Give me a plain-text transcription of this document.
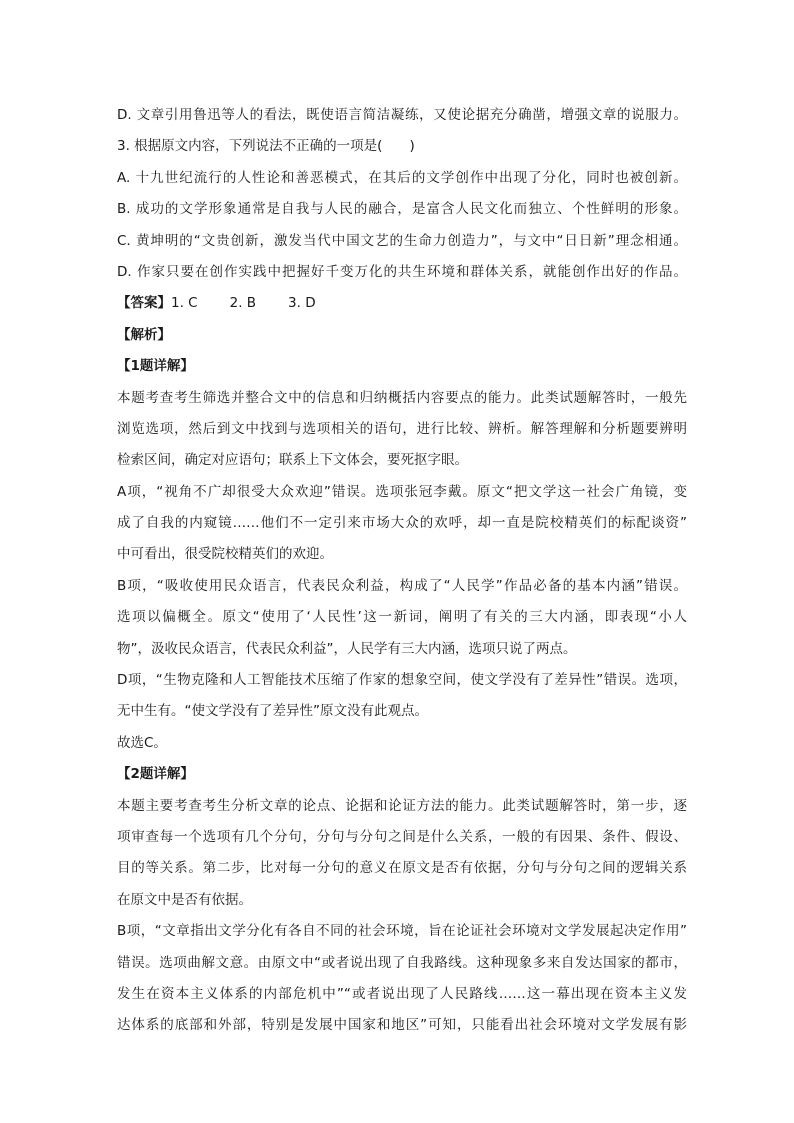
D. 文章引用鲁迅等人的看法，既使语言简洁凝练，又使论据充分确凿，增强文章的说服力。
3. 根据原文内容，下列说法不正确的一项是(　　)
A. 十九世纪流行的人性论和善恶模式，在其后的文学创作中出现了分化，同时也被创新。
B. 成功的文学形象通常是自我与人民的融合，是富含人民文化而独立、个性鲜明的形象。
C. 黄坤明的“文贵创新，激发当代中国文艺的生命力创造力”，与文中“日日新”理念相通。
D. 作家只要在创作实践中把握好千变万化的共生环境和群体关系，就能创作出好的作品。
【答案】1. C 2. B 3. D
【解析】
【1题详解】
本题考查考生筛选并整合文中的信息和归纳概括内容要点的能力。此类试题解答时，一般先
浏览选项，然后到文中找到与选项相关的语句，进行比较、辨析。解答理解和分析题要辨明
检索区间，确定对应语句；联系上下文体会，要死抠字眼。
A项，“视角不广却很受大众欢迎”错误。选项张冠李戴。原文“把文学这一社会广角镜，变
成了自我的内窥镜……他们不一定引来市场大众的欢呼，却一直是院校精英们的标配谈资”
中可看出，很受院校精英们的欢迎。
B项，“吸收使用民众语言，代表民众利益，构成了“人民学”作品必备的基本内涵”错误。
选项以偏概全。原文“使用了‘人民性’这一新词，阐明了有关的三大内涵，即表现“小人
物”，汲收民众语言，代表民众利益”，人民学有三大内涵，选项只说了两点。
D项，“生物克隆和人工智能技术压缩了作家的想象空间，使文学没有了差异性”错误。选项，
无中生有。“使文学没有了差异性”原文没有此观点。
故选C。
【2题详解】
本题主要考查考生分析文章的论点、论据和论证方法的能力。此类试题解答时，第一步，逐
项审查每一个选项有几个分句，分句与分句之间是什么关系，一般的有因果、条件、假设、
目的等关系。第二步，比对每一分句的意义在原文是否有依据，分句与分句之间的逻辑关系
在原文中是否有依据。
B项，“文章指出文学分化有各自不同的社会环境，旨在论证社会环境对文学发展起决定作用”
错误。选项曲解文意。由原文中“或者说出现了自我路线。这种现象多来自发达国家的都市，
发生在资本主义体系的内部危机中”“或者说出现了人民路线……这一幕出现在资本主义发
达体系的底部和外部，特别是发展中国家和地区”可知，只能看出社会环境对文学发展有影
